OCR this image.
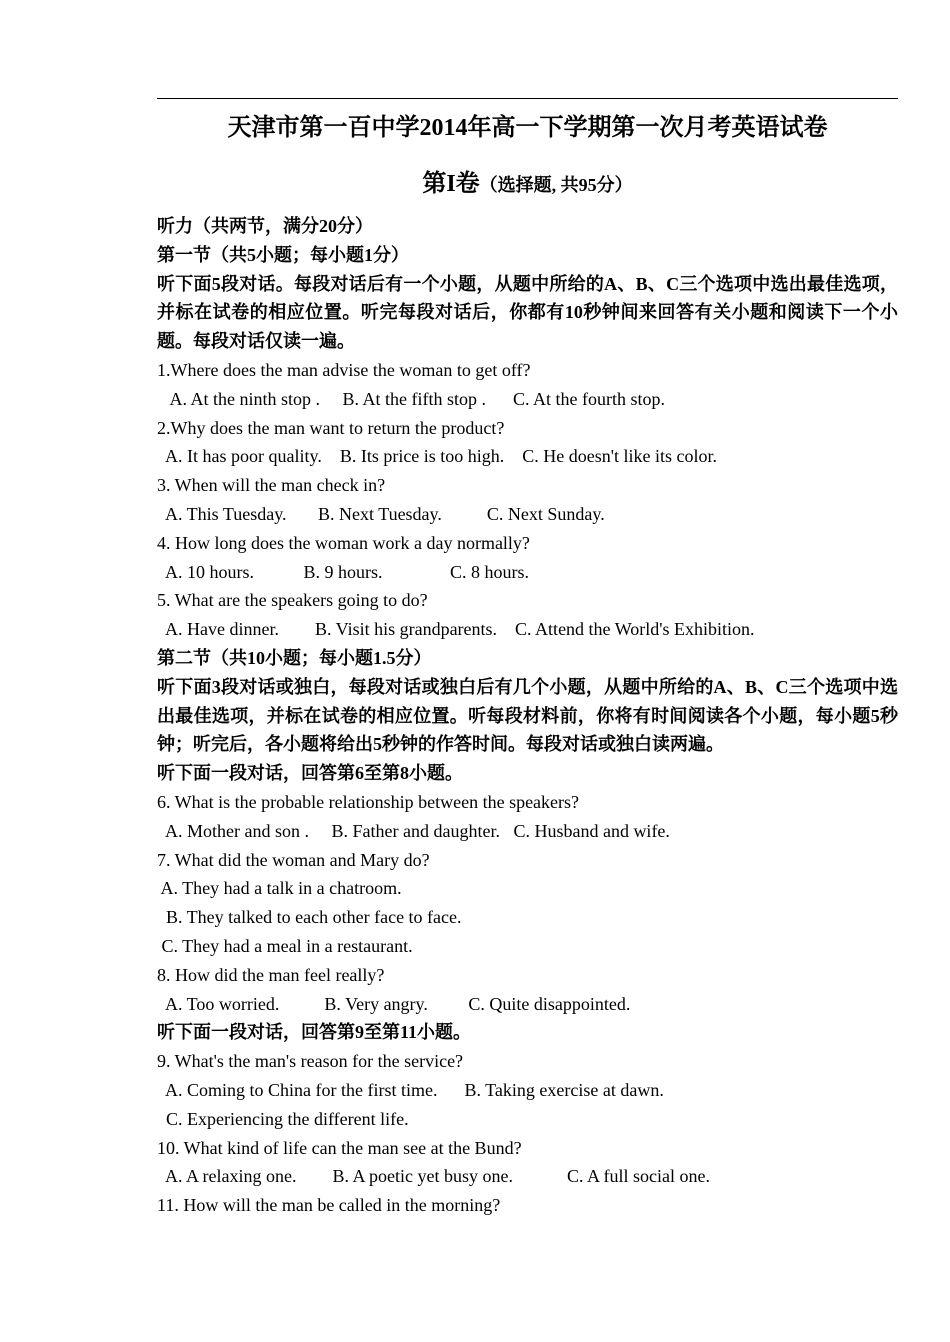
天津市第一百中学2014年高一下学期第一次月考英语试卷
第I卷（选择题, 共95分）
听力（共两节，满分20分）
第一节（共5小题；每小题1分）
听下面5段对话。每段对话后有一个小题，从题中所给的A、B、C三个选项中选出最佳选项，并标在试卷的相应位置。听完每段对话后，你都有10秒钟间来回答有关小题和阅读下一个小题。每段对话仅读一遍。
1.Where does the man advise the woman to get off?
A. At the ninth stop .     B. At the fifth stop .      C. At the fourth stop.
2.Why does the man want to return the product?
A. It has poor quality.    B. Its price is too high.    C. He doesn't like its color.
3. When will the man check in?
A. This Tuesday.       B. Next Tuesday.          C. Next Sunday.
4. How long does the woman work a day normally?
A. 10 hours.           B. 9 hours.               C. 8 hours.
5. What are the speakers going to do?
A. Have dinner.        B. Visit his grandparents.    C. Attend the World's Exhibition.
第二节（共10小题；每小题1.5分）
听下面3段对话或独白，每段对话或独白后有几个小题，从题中所给的A、B、C三个选项中选出最佳选项，并标在试卷的相应位置。听每段材料前，你将有时间阅读各个小题，每小题5秒钟；听完后，各小题将给出5秒钟的作答时间。每段对话或独白读两遍。
听下面一段对话，回答第6至第8小题。
6. What is the probable relationship between the speakers?
A. Mother and son .     B. Father and daughter.   C. Husband and wife.
7. What did the woman and Mary do?
A. They had a talk in a chatroom.
B. They talked to each other face to face.
C. They had a meal in a restaurant.
8. How did the man feel really?
A. Too worried.          B. Very angry.         C. Quite disappointed.
听下面一段对话，回答第9至第11小题。
9. What's the man's reason for the service?
A. Coming to China for the first time.      B. Taking exercise at dawn.
C. Experiencing the different life.
10. What kind of life can the man see at the Bund?
A. A relaxing one.        B. A poetic yet busy one.            C. A full social one.
11. How will the man be called in the morning?
